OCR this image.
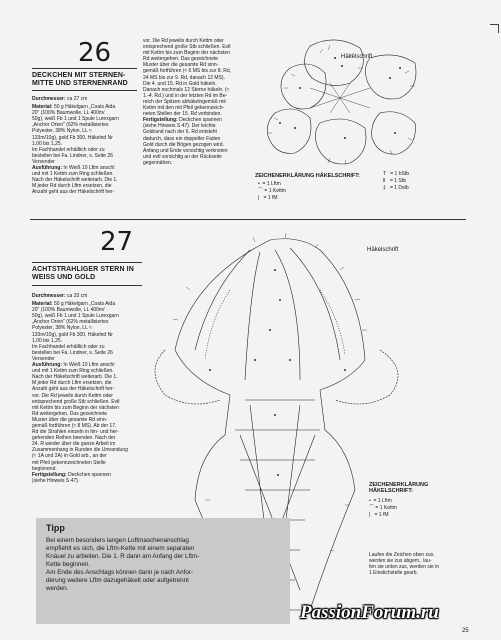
26
DECKCHEN MIT STERNEN-
MITTE UND STERNENRAND
Durchmesser: ca 27 cm
Material: 50 g Häkelgarn „Coats Aida
20" (100% Baumwolle, LL 400m/
50g), weiß Fb 1 und 1 Spule Lurexgarn
„Anchor Orion" (62% metallisiertes
Polyester, 38% Nylon, LL ≈
133m/10g), gold Fb 300, Häkelnd Nr
1,00 bis 1,25.
Im Fachhandel erhältlich oder zu
bestellen bei Fa. Lindner, s. Seite 26
Versender
Ausführung: In Weiß 10 Lftm anschl
und mit 1 Kettm zum Ring schließen.
Nach der Häkelschrift weiterarb. Die 1.
M jeder Rd durch Lftm ersetzen, die
Anzahl geht aus der Häkelschrift her-
vor. Die Rd jeweils durch Kettm oder
entsprechend große Stb schließen. Evtl
mit Kettm bis zum Beginn der nächsten
Rd weitergehen. Das gezeichnete
Muster über die gesamte Rd sinn-
gemäß fortführen (≈ 6 MS bis zur 8. Rd,
24 MS bis zur 9. Rd, danach 12 MS).
Die 4. und 15. Rd in Gold häkeln.
Danach nochmals 12 Sterne häkeln. (≈
1.-4. Rd.) und in der letzten Rd im Be-
reich der Spitzen abhäkelngemäß mit
Kettm mit den mit Pfeil gekennzeich-
neten Stellen der 15. Rd verbinden.
Fertigstellung: Deckchen spannen
(siehe Hinweis S 47). Der leichte
Goldrand nach der 6. Rd entsteht
dadurch, dass ein doppelter Faden
Gold durch die Bögen gezogen wird.
Anfang und Ende vorsichtig verknoten
und evtl vorsichtig an der Rückseite
gegennähen.
Häkelschrift
ZEICHENERKLÄRUNG HÄKELSCHRIFT:
• = 1 Lftm
⌒ = 1 Kettm
| = 1 fM
T = 1 hStb
⫪ = 1 Stb
‡ = 1 Dstb
27
ACHTSTRAHLIGER STERN IN
WEISS UND GOLD
Durchmesser: ca 33 cm
Material: 50 g Häkelgarn „Coats Aida
20" (100% Baumwolle, LL 400m/
50g), weiß Fb 1 und 1 Spule Lurexgarn
„Anchor Orion" (62% metallisiertes
Polyester, 38% Nylon, LL ≈
133m/10g), gold Fb 300, Häkelnd Nr
1,00 bis 1,25.
Im Fachhandel erhältlich oder zu
bestellen bei Fa. Lindner, s. Seite 26
Versender
Ausführung: In Weiß 10 Lftm anschl
und mit 1 Kettm zum Ring schließen.
Nach der Häkelschrift weiterarb. Die 1.
M jeder Rd durch Lftm ersetzen, die
Anzahl geht aus der Häkelschrift her-
vor. Die Rd jeweils durch Kettm oder
entsprechend große Stb schließen. Evtl
mit Kettm bis zum Beginn der nächsten
Rd weitergehen. Das gezeichnete
Muster über die gesamte Rd sinn-
gemäß fortführen (≈ 8 MS). Ab der 17.
Rd die Strahlen einzeln in hin- und her-
gehenden Reihen beenden. Nach der
24. R wieder über die ganze Arbeit im
Zusammenhang in Runden die Umrandung
(≈ 1A und 2A) in Gold arb., an der
mit Pfeil gekennzeichneten Stelle
beginnend.
Fertigstellung: Deckchen spannen
(siehe Hinweis S 47).
Häkelschrift
ZEICHENERKLÄRUNG
HÄKELSCHRIFT:
• = 1 Lftm
⌒ = 1 Kettm
| = 1 fM
Laufen die Zeichen oben zus.
werden sie zus abgem., lau-
fen sie unten zus, werden sie in
1 Einstichstelle gearb.
Tipp
Bei einem besonders langen Luftmaschenanschlag
empfiehlt es sich, die Lftm-Kette mit einem separaten
Knäuel zu arbeiten. Die 1. R dann am Anfang der Lftm-
Kette beginnen.
Am Ende des Anschlags können dann je nach Anfor-
derung weitere Lftm dazugehäkelt oder aufgetrennt
werden.
PassionForum.ru
25
